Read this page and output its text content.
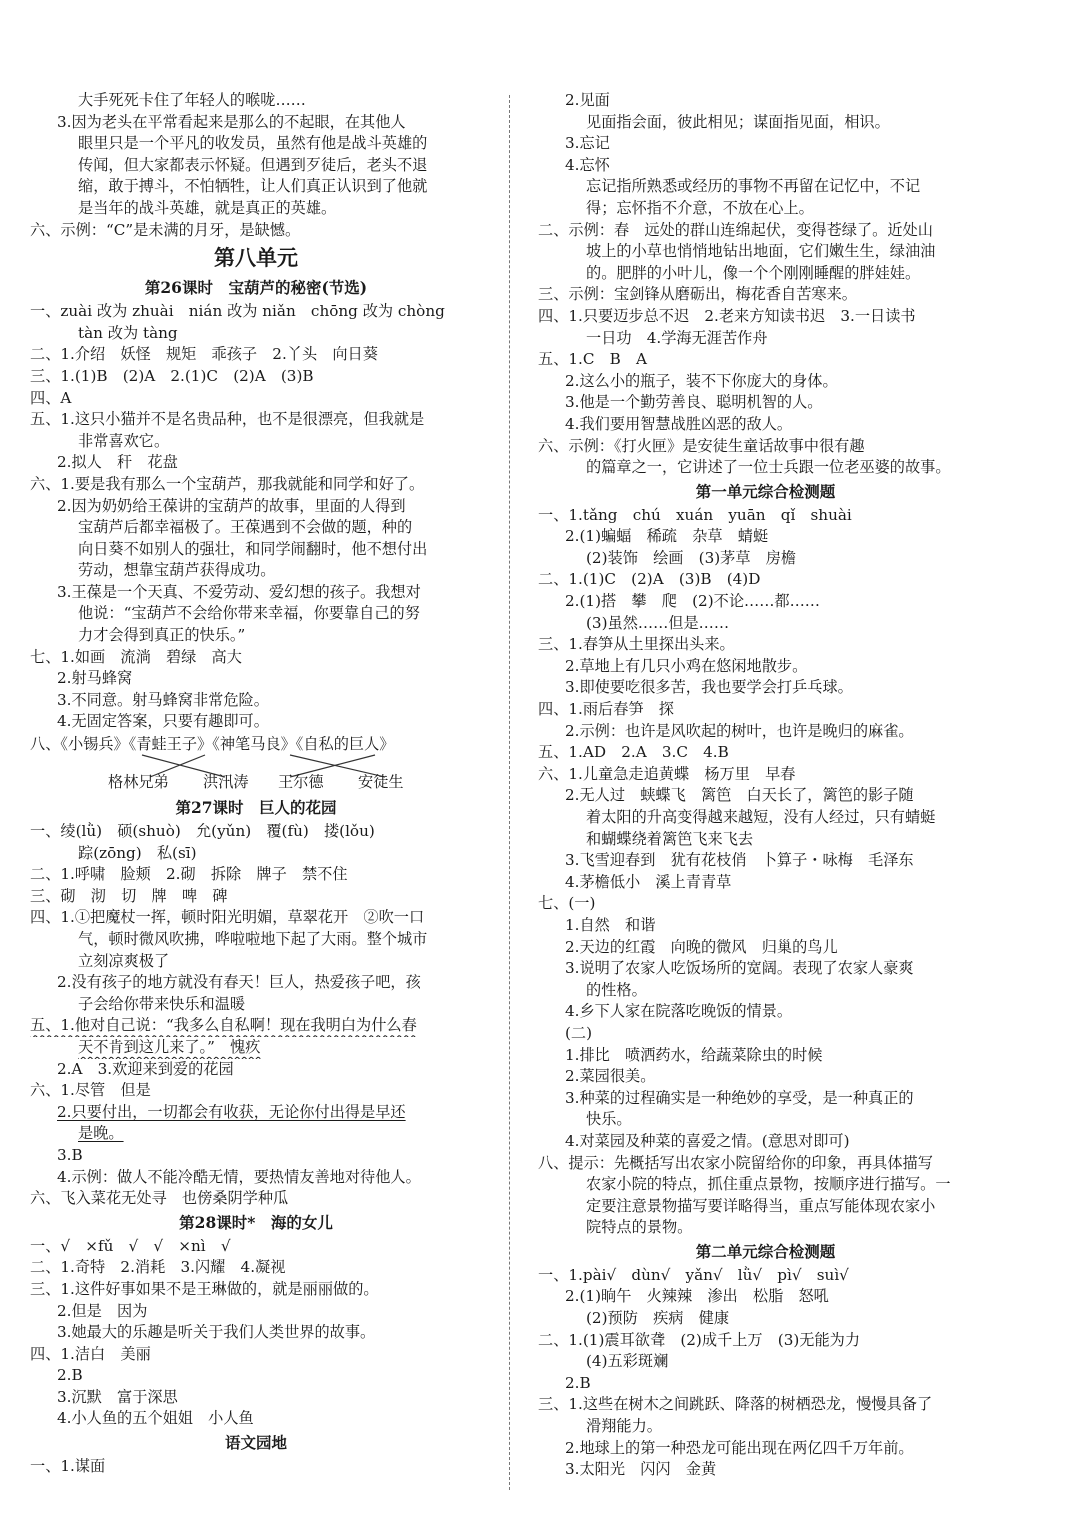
大手死死卡住了年轻人的喉咙……
3.因为老头在平常看起来是那么的不起眼，在其他人
眼里只是一个平凡的收发员，虽然有他是战斗英雄的
传闻，但大家都表示怀疑。但遇到歹徒后，老头不退
缩，敢于搏斗，不怕牺牲，让人们真正认识到了他就
是当年的战斗英雄，就是真正的英雄。
六、示例：“C”是未满的月牙，是缺憾。
第八单元
第26课时　宝葫芦的秘密(节选)
一、zuài 改为 zhuài　nián 改为 niǎn　chōng 改为 chòng
tàn 改为 tàng
二、1.介绍　妖怪　规矩　乖孩子　2.丫头　向日葵
三、1.(1)B　(2)A　2.(1)C　(2)A　(3)B
四、A
五、1.这只小猫并不是名贵品种，也不是很漂亮，但我就是
非常喜欢它。
2.拟人　秆　花盘
六、1.要是我有那么一个宝葫芦，那我就能和同学和好了。
2.因为奶奶给王葆讲的宝葫芦的故事，里面的人得到
宝葫芦后都幸福极了。王葆遇到不会做的题，种的
向日葵不如别人的强壮，和同学闹翻时，他不想付出
劳动，想靠宝葫芦获得成功。
3.王葆是一个天真、不爱劳动、爱幻想的孩子。我想对
他说：“宝葫芦不会给你带来幸福，你要靠自己的努
力才会得到真正的快乐。”
七、1.如画　流淌　碧绿　高大
2.射马蜂窝
3.不同意。射马蜂窝非常危险。
4.无固定答案，只要有趣即可。
八、《小锡兵》《青蛙王子》《神笔马良》《自私的巨人》
格林兄弟 洪汛涛 王尔德 安徒生
第27课时　巨人的花园
一、绫(lǜ)　硕(shuò)　允(yǔn)　覆(fù)　搂(lǒu)
踪(zōng)　私(sī)
二、1.呼啸　脸颊　2.砌　拆除　牌子　禁不住
三、砌　沏　切　牌　啤　碑
四、1.①把魔杖一挥，顿时阳光明媚，草翠花开　②吹一口
气，顿时微风吹拂，哗啦啦地下起了大雨。整个城市
立刻凉爽极了
2.没有孩子的地方就没有春天！巨人，热爱孩子吧，孩
子会给你带来快乐和温暖
五、1.他对自己说：“我多么自私啊！现在我明白为什么春
天不肯到这儿来了。”　愧疚
2.A　3.欢迎来到爱的花园
六、1.尽管　但是
2.只要付出，一切都会有收获，无论你付出得是早还
是晚。
3.B
4.示例：做人不能冷酷无情，要热情友善地对待他人。
六、飞入菜花无处寻　也傍桑阴学种瓜
第28课时*　海的女儿
一、√　×fǔ　√　√　×nì　√
二、1.奇特　2.消耗　3.闪耀　4.凝视
三、1.这件好事如果不是王琳做的，就是丽丽做的。
2.但是　因为
3.她最大的乐趣是听关于我们人类世界的故事。
四、1.洁白　美丽
2.B
3.沉默　富于深思
4.小人鱼的五个姐姐　小人鱼
语文园地
一、1.谋面
2.见面
见面指会面，彼此相见；谋面指见面，相识。
3.忘记
4.忘怀
忘记指所熟悉或经历的事物不再留在记忆中，不记
得；忘怀指不介意，不放在心上。
二、示例：春　远处的群山连绵起伏，变得苍绿了。近处山
坡上的小草也悄悄地钻出地面，它们嫩生生，绿油油
的。肥胖的小叶儿，像一个个刚刚睡醒的胖娃娃。
三、示例：宝剑锋从磨砺出，梅花香自苦寒来。
四、1.只要迈步总不迟　2.老来方知读书迟　3.一日读书
一日功　4.学海无涯苦作舟
五、1.C　B　A
2.这么小的瓶子，装不下你庞大的身体。
3.他是一个勤劳善良、聪明机智的人。
4.我们要用智慧战胜凶恶的敌人。
六、示例：《打火匣》是安徒生童话故事中很有趣
的篇章之一，它讲述了一位士兵跟一位老巫婆的故事。
第一单元综合检测题
一、1.tǎng　chú　xuán　yuān　qǐ　shuài
2.(1)蝙蝠　稀疏　杂草　蜻蜓
(2)装饰　绘画　(3)茅草　房檐
二、1.(1)C　(2)A　(3)B　(4)D
2.(1)搭　攀　爬　(2)不论……都……
(3)虽然……但是……
三、1.春笋从土里探出头来。
2.草地上有几只小鸡在悠闲地散步。
3.即使要吃很多苦，我也要学会打乒乓球。
四、1.雨后春笋　探
2.示例：也许是风吹起的树叶，也许是晚归的麻雀。
五、1.AD　2.A　3.C　4.B
六、1.儿童急走追黄蝶　杨万里　早春
2.无人过　蛱蝶飞　篱笆　白天长了，篱笆的影子随
着太阳的升高变得越来越短，没有人经过，只有蜻蜓
和蝴蝶绕着篱笆飞来飞去
3.飞雪迎春到　犹有花枝俏　卜算子・咏梅　毛泽东
4.茅檐低小　溪上青青草
七、(一)
1.自然　和谐
2.天边的红霞　向晚的微风　归巢的鸟儿
3.说明了农家人吃饭场所的宽阔。表现了农家人豪爽
的性格。
4.乡下人家在院落吃晚饭的情景。
(二)
1.排比　喷洒药水，给蔬菜除虫的时候
2.菜园很美。
3.种菜的过程确实是一种绝妙的享受，是一种真正的
快乐。
4.对菜园及种菜的喜爱之情。(意思对即可)
八、提示：先概括写出农家小院留给你的印象，再具体描写
农家小院的特点，抓住重点景物，按顺序进行描写。一
定要注意景物描写要详略得当，重点写能体现农家小
院特点的景物。
第二单元综合检测题
一、1.pài√　dùn√　yǎn√　lǜ√　pì√　suì√
2.(1)晌午　火辣辣　渗出　松脂　怒吼
(2)预防　疾病　健康
二、1.(1)震耳欲聋　(2)成千上万　(3)无能为力
(4)五彩斑斓
2.B
三、1.这些在树木之间跳跃、降落的树栖恐龙，慢慢具备了
滑翔能力。
2.地球上的第一种恐龙可能出现在两亿四千万年前。
3.太阳光　闪闪　金黄
